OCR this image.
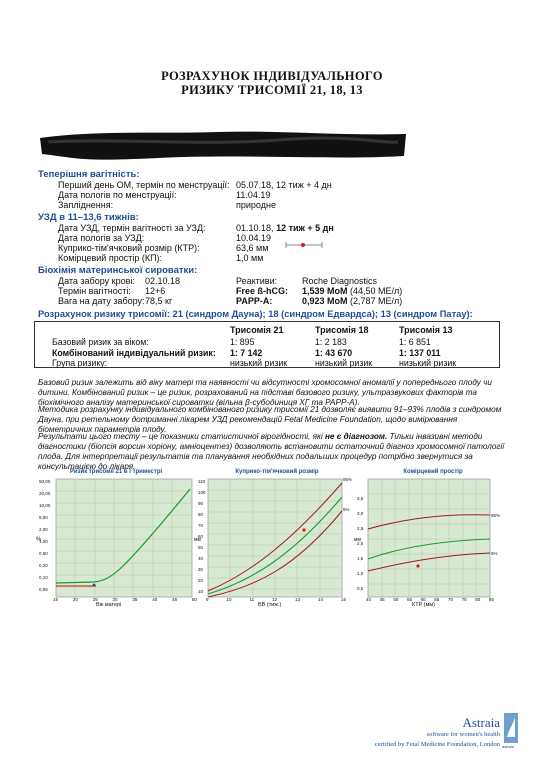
РОЗРАХУНОК ІНДИВІДУАЛЬНОГО
РИЗИКУ ТРИСОМІЇ 21, 18, 13
Теперішня вагітність:
Перший день ОМ, термін по менструації: 05.07.18, 12 тиж + 4 дн
Дата пологів по менструації:	11.04.19
Запліднення:	природне
УЗД в 11–13,6 тижнів:
Дата УЗД, термін вагітності за УЗД:	01.10.18, 12 тиж + 5 дн
Дата пологів за УЗД:	10.04.19
Куприко-тім'ячковий розмір (КТР):	63,6 мм
Комірцевий простір (КП):	1,0 мм
Біохімія материнської сироватки:
Дата забору крові: 02.10.18	Реактиви:	Roche Diagnostics
Термін вагітності: 12+6	Free ß-hCG: 1,539 MoM (44,50 МЕ/л)
Вага на дату забору: 78,5 кг	PAPP-A:	0,923 MoM (2,787 МЕ/л)
Розрахунок ризику трисомії: 21 (синдром Дауна); 18 (синдром Едвардса); 13 (синдром Патау):
Трисомія 21	Трисомія 18	Трисомія 13
Базовий ризик за віком:	1: 895	1: 2 183	1: 6 851
Комбінований індивідуальний ризик: 1: 7 142	1: 43 670	1: 137 011
Група ризику:	низький ризик	низький ризик	низький ризик
Базовий ризик залежить від віку матері та наявності чи відсутності хромосомної аномалії у попереднього плоду чи дитини. Комбінований ризик – це ризик, розрахований на підставі базового ризику, ультразвукових факторів та біохімічного аналізу материнської сироватки (вільна β-субодиниця ХГ та PAPP-A).
Методика розрахунку індивідуального комбінованого ризику трисомії 21 дозволяє виявити 91–93% плодів з синдромом Дауна, при ретельному дотриманні лікарем УЗД рекомендацій Fetal Medicine Foundation, щодо вимірювання біометричних параметрів плоду.
Результати цього тесту – це показники статистичної вірогідності, які не є діагнозом. Тільки інвазивні методи діагностики (біопсія ворсин хоріону, амніоцентез) дозволяють встановити остаточний діагноз хромосомної патології плода. Для інтерпретації результатів та планування необхідних подальших процедур потрібно звернутися за консультацією до лікаря.
Ризик трисомії 21 в І триместрі
%
Вік матері
50,00
20,00
10,00
5,00
2,00
1,00
0,50
0,20
0,10
0,05
15	20	25	30	35	40	45	50
Куприко-тім'ячковий розмір
95%
5%
мм
ВВ (тиж.)
110
100
90
80
70
60
50
40
30
20
10
9	10	11	12	13	14	15
Комірцевий простір
95%
5%
мм
КТР (мм)
3,5
3,0
2,5
2,0
1,5
1,0
0,5
40 45 50 55 60 65 70 75 80 85
Astraia
software for women's health
certified by Fetal Medicine Foundation, London astraia
